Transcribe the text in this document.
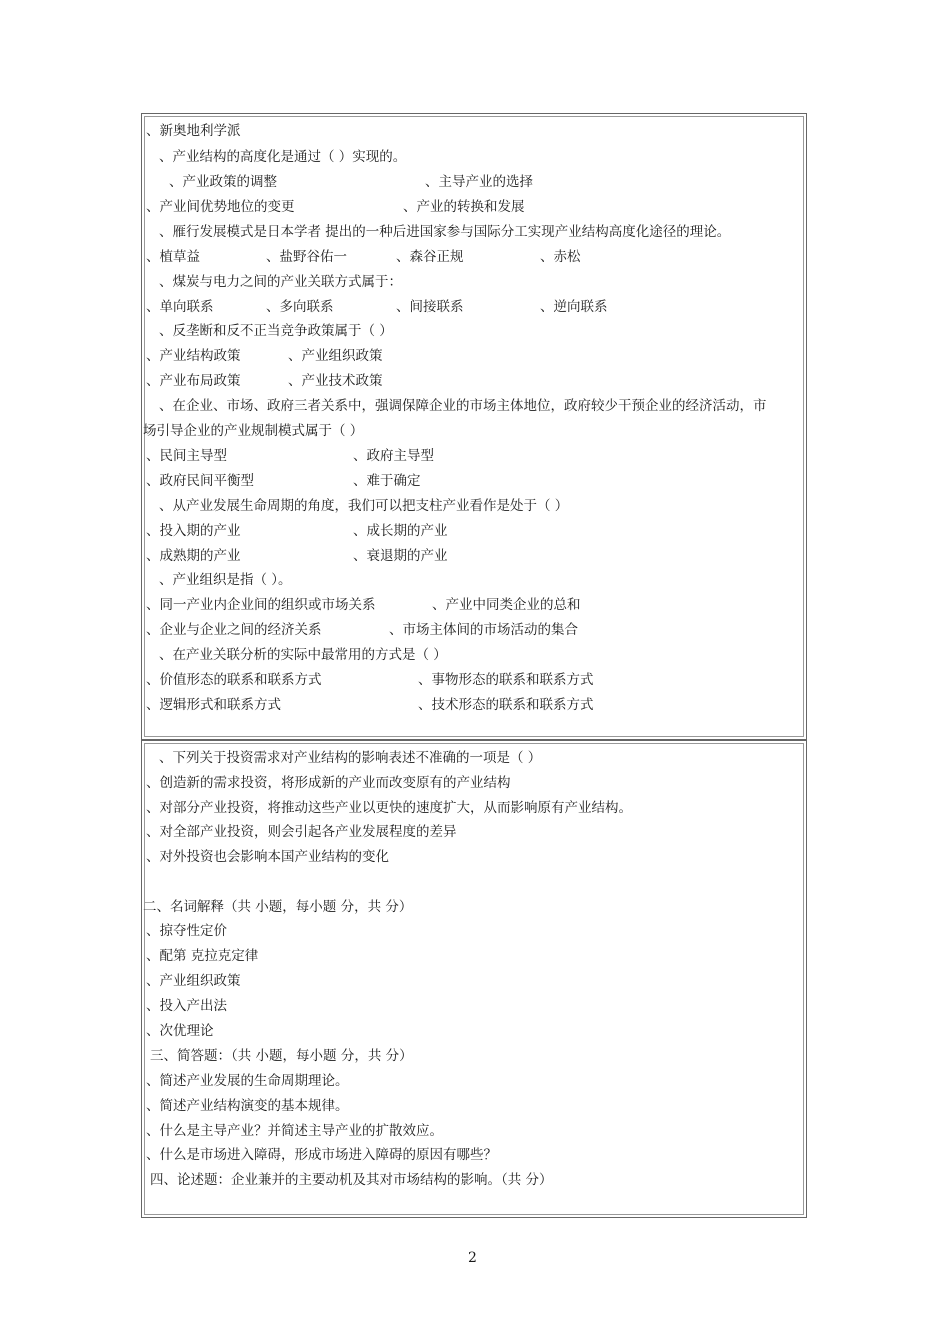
、新奥地利学派
、产业结构的高度化是通过（ ）实现的。
、产业政策的调整	、主导产业的选择
、产业间优势地位的变更	、产业的转换和发展
、雁行发展模式是日本学者 提出的一种后进国家参与国际分工实现产业结构高度化途径的理论。
、植草益	、盐野谷佑一	、森谷正规	、赤松
、煤炭与电力之间的产业关联方式属于：
、单向联系	、多向联系	、间接联系	、逆向联系
、反垄断和反不正当竞争政策属于（ ）
、产业结构政策	、产业组织政策
、产业布局政策	、产业技术政策
、在企业、市场、政府三者关系中，强调保障企业的市场主体地位，政府较少干预企业的经济活动，市
场引导企业的产业规制模式属于（ ）
、民间主导型	、政府主导型
、政府民间平衡型	、难于确定
、从产业发展生命周期的角度，我们可以把支柱产业看作是处于（ ）
、投入期的产业	、成长期的产业
、成熟期的产业	、衰退期的产业
、产业组织是指（ ）。
、同一产业内企业间的组织或市场关系	、产业中同类企业的总和
、企业与企业之间的经济关系	、市场主体间的市场活动的集合
、在产业关联分析的实际中最常用的方式是（ ）
、价值形态的联系和联系方式	、事物形态的联系和联系方式
、逻辑形式和联系方式	、技术形态的联系和联系方式
、下列关于投资需求对产业结构的影响表述不准确的一项是（ ）
、创造新的需求投资，将形成新的产业而改变原有的产业结构
、对部分产业投资，将推动这些产业以更快的速度扩大，从而影响原有产业结构。
、对全部产业投资，则会引起各产业发展程度的差异
、对外投资也会影响本国产业结构的变化
二、名词解释（共 小题，每小题 分，共 分）
、掠夺性定价
、配第 克拉克定律
、产业组织政策
、投入产出法
、次优理论
三、简答题：（共 小题，每小题 分，共 分）
、简述产业发展的生命周期理论。
、简述产业结构演变的基本规律。
、什么是主导产业？并简述主导产业的扩散效应。
、什么是市场进入障碍，形成市场进入障碍的原因有哪些？
四、论述题：企业兼并的主要动机及其对市场结构的影响。（共 分）
2
